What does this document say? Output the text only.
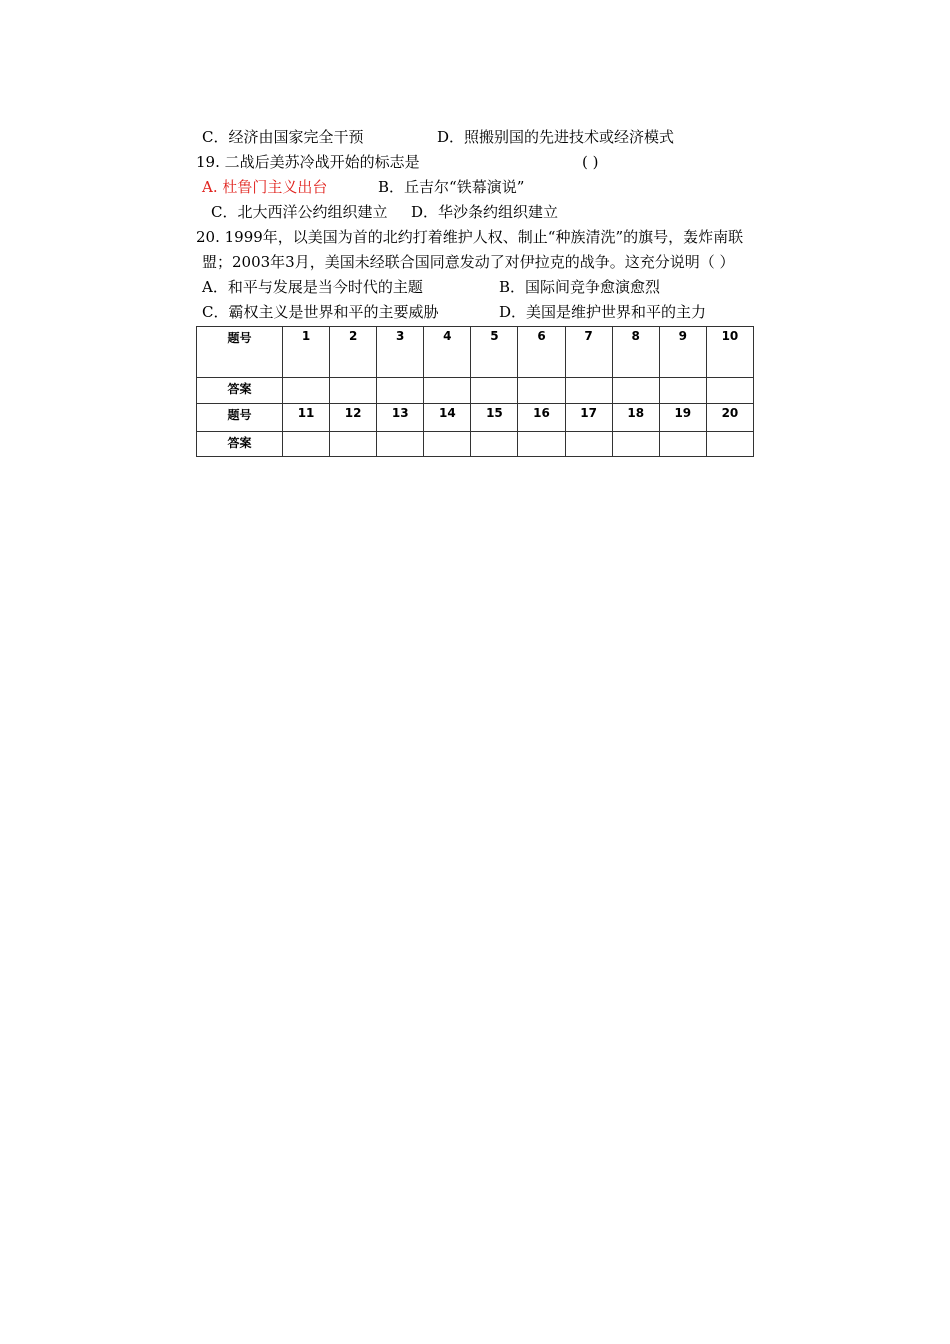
C．经济由国家完全干预	D．照搬别国的先进技术或经济模式
19. 二战后美苏冷战开始的标志是	( )
A. 杜鲁门主义出台	B．丘吉尔“铁幕演说”
C．北大西洋公约组织建立 D．华沙条约组织建立
20. 1999年，以美国为首的北约打着维护人权、制止“种族清洗”的旗号，轰炸南联
盟；2003年3月，美国未经联合国同意发动了对伊拉克的战争。这充分说明（ ）
A．和平与发展是当今时代的主题	B．国际间竞争愈演愈烈
C．霸权主义是世界和平的主要威胁	D．美国是维护世界和平的主力
题号	1	2	3	4	5	6	7	8	9	10
答案										
题号	11	12	13	14	15	16	17	18	19	20
答案										
